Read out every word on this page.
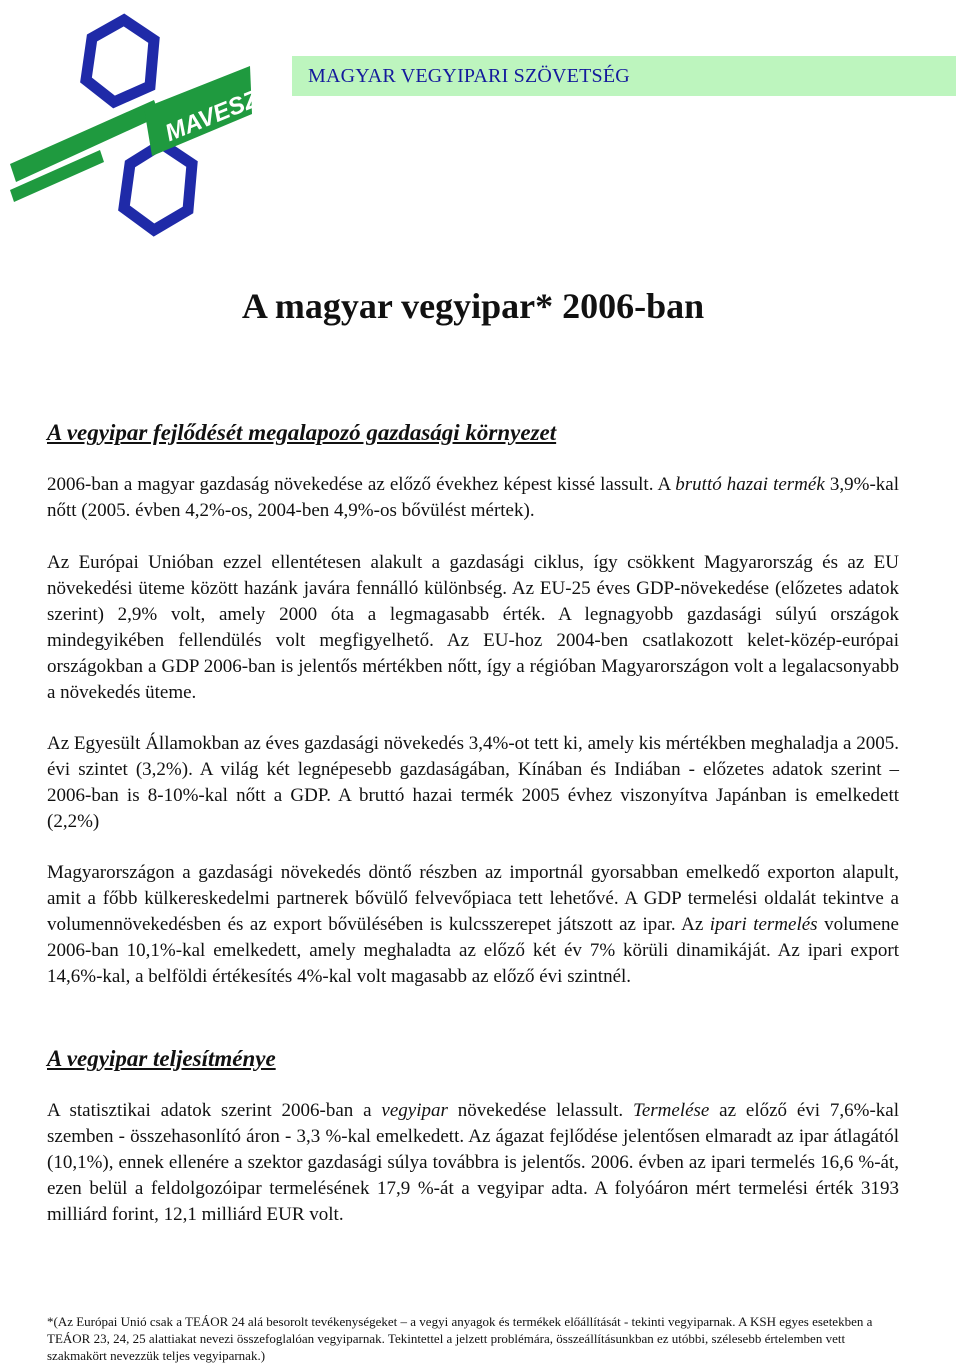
MAVESZ
MAGYAR VEGYIPARI SZÖVETSÉG
A magyar vegyipar* 2006-ban
A vegyipar fejlődését megalapozó gazdasági környezet

2006-ban a magyar gazdaság növekedése az előző évekhez képest kissé lassult. A bruttó hazai termék 3,9%-kal nőtt (2005. évben 4,2%-os, 2004-ben 4,9%-os bővülést mértek).

Az Európai Unióban ezzel ellentétesen alakult a gazdasági ciklus, így csökkent Magyarország és az EU növekedési üteme között hazánk javára fennálló különbség. Az EU-25 éves GDP-növekedése (előzetes adatok szerint) 2,9% volt, amely 2000 óta a legmagasabb érték. A legnagyobb gazdasági súlyú országok mindegyikében fellendülés volt megfigyelhető. Az EU-hoz 2004-ben csatlakozott kelet-közép-európai országokban a GDP 2006-ban is jelentős mértékben nőtt, így a régióban Magyarországon volt a legalacsonyabb a növekedés üteme.

Az Egyesült Államokban az éves gazdasági növekedés 3,4%-ot tett ki, amely kis mértékben meghaladja a 2005. évi szintet (3,2%). A világ két legnépesebb gazdaságában, Kínában és Indiában - előzetes adatok szerint – 2006-ban is 8-10%-kal nőtt a GDP. A bruttó hazai termék 2005 évhez viszonyítva Japánban is emelkedett (2,2%)

Magyarországon a gazdasági növekedés döntő részben az importnál gyorsabban emelkedő exporton alapult, amit a főbb külkereskedelmi partnerek bővülő felvevőpiaca tett lehetővé. A GDP termelési oldalát tekintve a volumennövekedésben és az export bővülésében is kulcsszerepet játszott az ipar. Az ipari termelés volumene 2006-ban 10,1%-kal emelkedett, amely meghaladta az előző két év 7% körüli dinamikáját. Az ipari export 14,6%-kal, a belföldi értékesítés 4%-kal volt magasabb az előző évi szintnél.

A vegyipar teljesítménye

A statisztikai adatok szerint 2006-ban a vegyipar növekedése lelassult. Termelése az előző évi 7,6%-kal szemben - összehasonlító áron - 3,3 %-kal emelkedett. Az ágazat fejlődése jelentősen elmaradt az ipar átlagától (10,1%), ennek ellenére a szektor gazdasági súlya továbbra is jelentős. 2006. évben az ipari termelés 16,6 %-át, ezen belül a feldolgozóipar termelésének 17,9 %-át a vegyipar adta. A folyóáron mért termelési érték 3193 milliárd forint, 12,1 milliárd EUR volt.

*(Az Európai Unió csak a TEÁOR 24 alá besorolt tevékenységeket – a vegyi anyagok és termékek előállítását - tekinti vegyiparnak. A KSH egyes esetekben a TEÁOR 23, 24, 25 alattiakat nevezi összefoglalóan vegyiparnak. Tekintettel a jelzett problémára, összeállításunkban ez utóbbi, szélesebb értelemben vett szakmakört nevezzük teljes vegyiparnak.)
